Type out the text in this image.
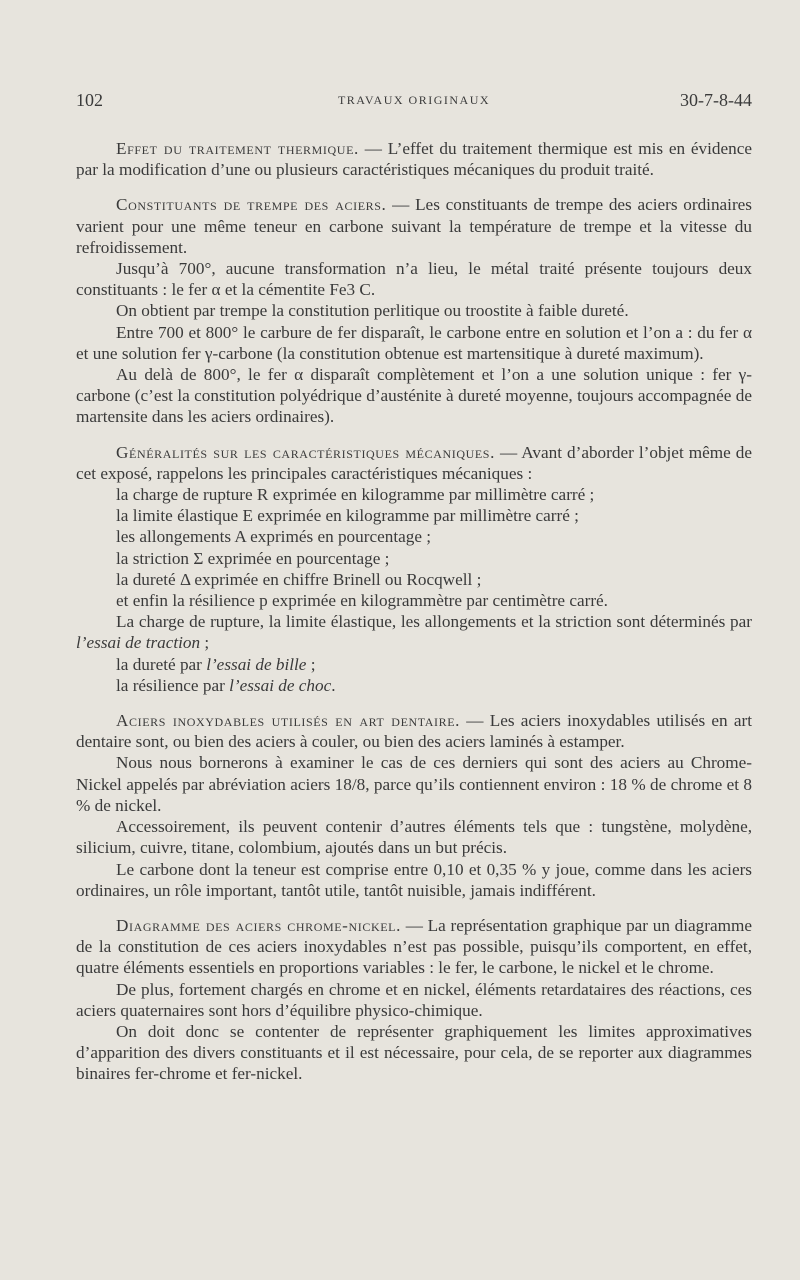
102	TRAVAUX ORIGINAUX	30-7-8-44

Effet du traitement thermique. — L’effet du traitement thermique est mis en évidence par la modification d’une ou plusieurs caractéristiques mécaniques du produit traité.

Constituants de trempe des aciers. — Les constituants de trempe des aciers ordinaires varient pour une même teneur en carbone suivant la température de trempe et la vitesse du refroidissement.

Jusqu’à 700°, aucune transformation n’a lieu, le métal traité présente toujours deux constituants : le fer α et la cémentite Fe3 C.

On obtient par trempe la constitution perlitique ou troostite à faible dureté.

Entre 700 et 800° le carbure de fer disparaît, le carbone entre en solution et l’on a : du fer α et une solution fer γ-carbone (la constitution obtenue est martensitique à dureté maximum).

Au delà de 800°, le fer α disparaît complètement et l’on a une solution unique : fer γ-carbone (c’est la constitution polyédrique d’austénite à dureté moyenne, toujours accompagnée de martensite dans les aciers ordinaires).

Généralités sur les caractéristiques mécaniques. — Avant d’aborder l’objet même de cet exposé, rappelons les principales caractéristiques mécaniques :

la charge de rupture R exprimée en kilogramme par millimètre carré ;

la limite élastique E exprimée en kilogramme par millimètre carré ;

les allongements A exprimés en pourcentage ;

la striction Σ exprimée en pourcentage ;

la dureté Δ exprimée en chiffre Brinell ou Rocqwell ;

et enfin la résilience p exprimée en kilogrammètre par centimètre carré.

La charge de rupture, la limite élastique, les allongements et la striction sont déterminés par l’essai de traction ;

la dureté par l’essai de bille ;

la résilience par l’essai de choc.

Aciers inoxydables utilisés en art dentaire. — Les aciers inoxydables utilisés en art dentaire sont, ou bien des aciers à couler, ou bien des aciers laminés à estamper.

Nous nous bornerons à examiner le cas de ces derniers qui sont des aciers au Chrome-Nickel appelés par abréviation aciers 18/8, parce qu’ils contiennent environ : 18 % de chrome et 8 % de nickel.

Accessoirement, ils peuvent contenir d’autres éléments tels que : tungstène, molydène, silicium, cuivre, titane, colombium, ajoutés dans un but précis.

Le carbone dont la teneur est comprise entre 0,10 et 0,35 % y joue, comme dans les aciers ordinaires, un rôle important, tantôt utile, tantôt nuisible, jamais indifférent.

Diagramme des aciers chrome-nickel. — La représentation graphique par un diagramme de la constitution de ces aciers inoxydables n’est pas possible, puisqu’ils comportent, en effet, quatre éléments essentiels en proportions variables : le fer, le carbone, le nickel et le chrome.

De plus, fortement chargés en chrome et en nickel, éléments retardataires des réactions, ces aciers quaternaires sont hors d’équilibre physico-chimique.

On doit donc se contenter de représenter graphiquement les limites approximatives d’apparition des divers constituants et il est nécessaire, pour cela, de se reporter aux diagrammes binaires fer-chrome et fer-nickel.
